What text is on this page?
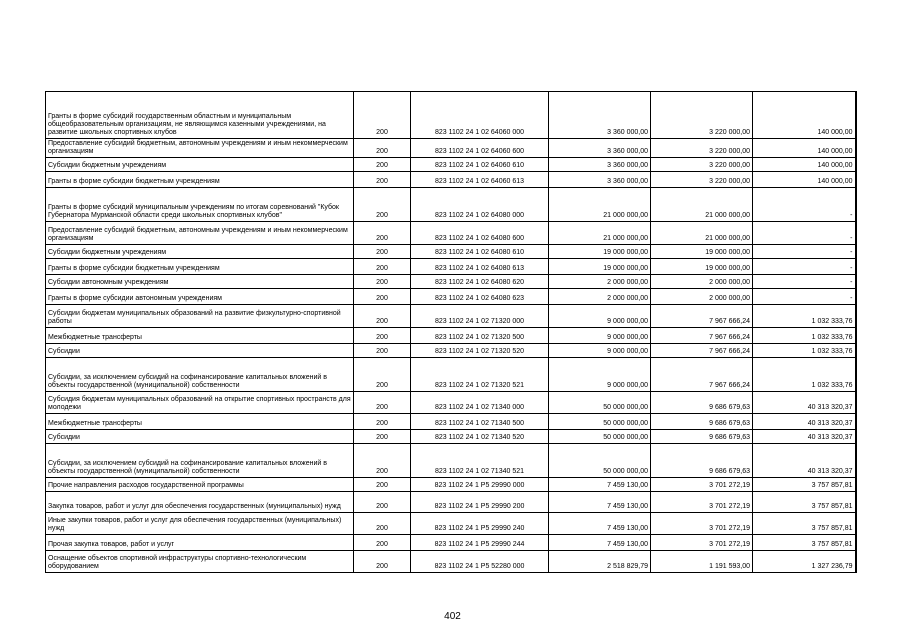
Гранты в форме субсидий государственным областным и муниципальным общеобразовательным организациям, не являющимся казенными учреждениями, на развитие школьных спортивных клубов	200	823 1102 24 1 02 64060 000	3 360 000,00	3 220 000,00	140 000,00
Предоставление субсидий бюджетным, автономным учреждениям и иным некоммерческим организациям	200	823 1102 24 1 02 64060 600	3 360 000,00	3 220 000,00	140 000,00
Субсидии бюджетным учреждениям	200	823 1102 24 1 02 64060 610	3 360 000,00	3 220 000,00	140 000,00
Гранты в форме субсидии бюджетным учреждениям	200	823 1102 24 1 02 64060 613	3 360 000,00	3 220 000,00	140 000,00
Гранты в форме субсидий муниципальным учреждениям по итогам соревнований "Кубок Губернатора Мурманской области среди школьных спортивных клубов"	200	823 1102 24 1 02 64080 000	21 000 000,00	21 000 000,00	-
Предоставление субсидий бюджетным, автономным учреждениям и иным некоммерческим организациям	200	823 1102 24 1 02 64080 600	21 000 000,00	21 000 000,00	-
Субсидии бюджетным учреждениям	200	823 1102 24 1 02 64080 610	19 000 000,00	19 000 000,00	-
Гранты в форме субсидии бюджетным учреждениям	200	823 1102 24 1 02 64080 613	19 000 000,00	19 000 000,00	-
Субсидии автономным учреждениям	200	823 1102 24 1 02 64080 620	2 000 000,00	2 000 000,00	-
Гранты в форме субсидии автономным учреждениям	200	823 1102 24 1 02 64080 623	2 000 000,00	2 000 000,00	-
Субсидии бюджетам муниципальных образований на развитие физкультурно-спортивной работы	200	823 1102 24 1 02 71320 000	9 000 000,00	7 967 666,24	1 032 333,76
Межбюджетные трансферты	200	823 1102 24 1 02 71320 500	9 000 000,00	7 967 666,24	1 032 333,76
Субсидии	200	823 1102 24 1 02 71320 520	9 000 000,00	7 967 666,24	1 032 333,76
Субсидии, за исключением субсидий на софинансирование капитальных вложений в объекты государственной (муниципальной) собственности	200	823 1102 24 1 02 71320 521	9 000 000,00	7 967 666,24	1 032 333,76
Субсидия бюджетам муниципальных образований на открытие спортивных пространств для молодежи	200	823 1102 24 1 02 71340 000	50 000 000,00	9 686 679,63	40 313 320,37
Межбюджетные трансферты	200	823 1102 24 1 02 71340 500	50 000 000,00	9 686 679,63	40 313 320,37
Субсидии	200	823 1102 24 1 02 71340 520	50 000 000,00	9 686 679,63	40 313 320,37
Субсидии, за исключением субсидий на софинансирование капитальных вложений в объекты государственной (муниципальной) собственности	200	823 1102 24 1 02 71340 521	50 000 000,00	9 686 679,63	40 313 320,37
Прочие направления расходов государственной программы	200	823 1102 24 1 P5 29990 000	7 459 130,00	3 701 272,19	3 757 857,81
Закупка товаров, работ и услуг для обеспечения государственных (муниципальных) нужд	200	823 1102 24 1 P5 29990 200	7 459 130,00	3 701 272,19	3 757 857,81
Иные закупки товаров, работ и услуг для обеспечения государственных (муниципальных) нужд	200	823 1102 24 1 P5 29990 240	7 459 130,00	3 701 272,19	3 757 857,81
Прочая закупка товаров, работ и услуг	200	823 1102 24 1 P5 29990 244	7 459 130,00	3 701 272,19	3 757 857,81
Оснащение объектов спортивной инфраструктуры спортивно-технологическим оборудованием	200	823 1102 24 1 P5 52280 000	2 518 829,79	1 191 593,00	1 327 236,79
402
